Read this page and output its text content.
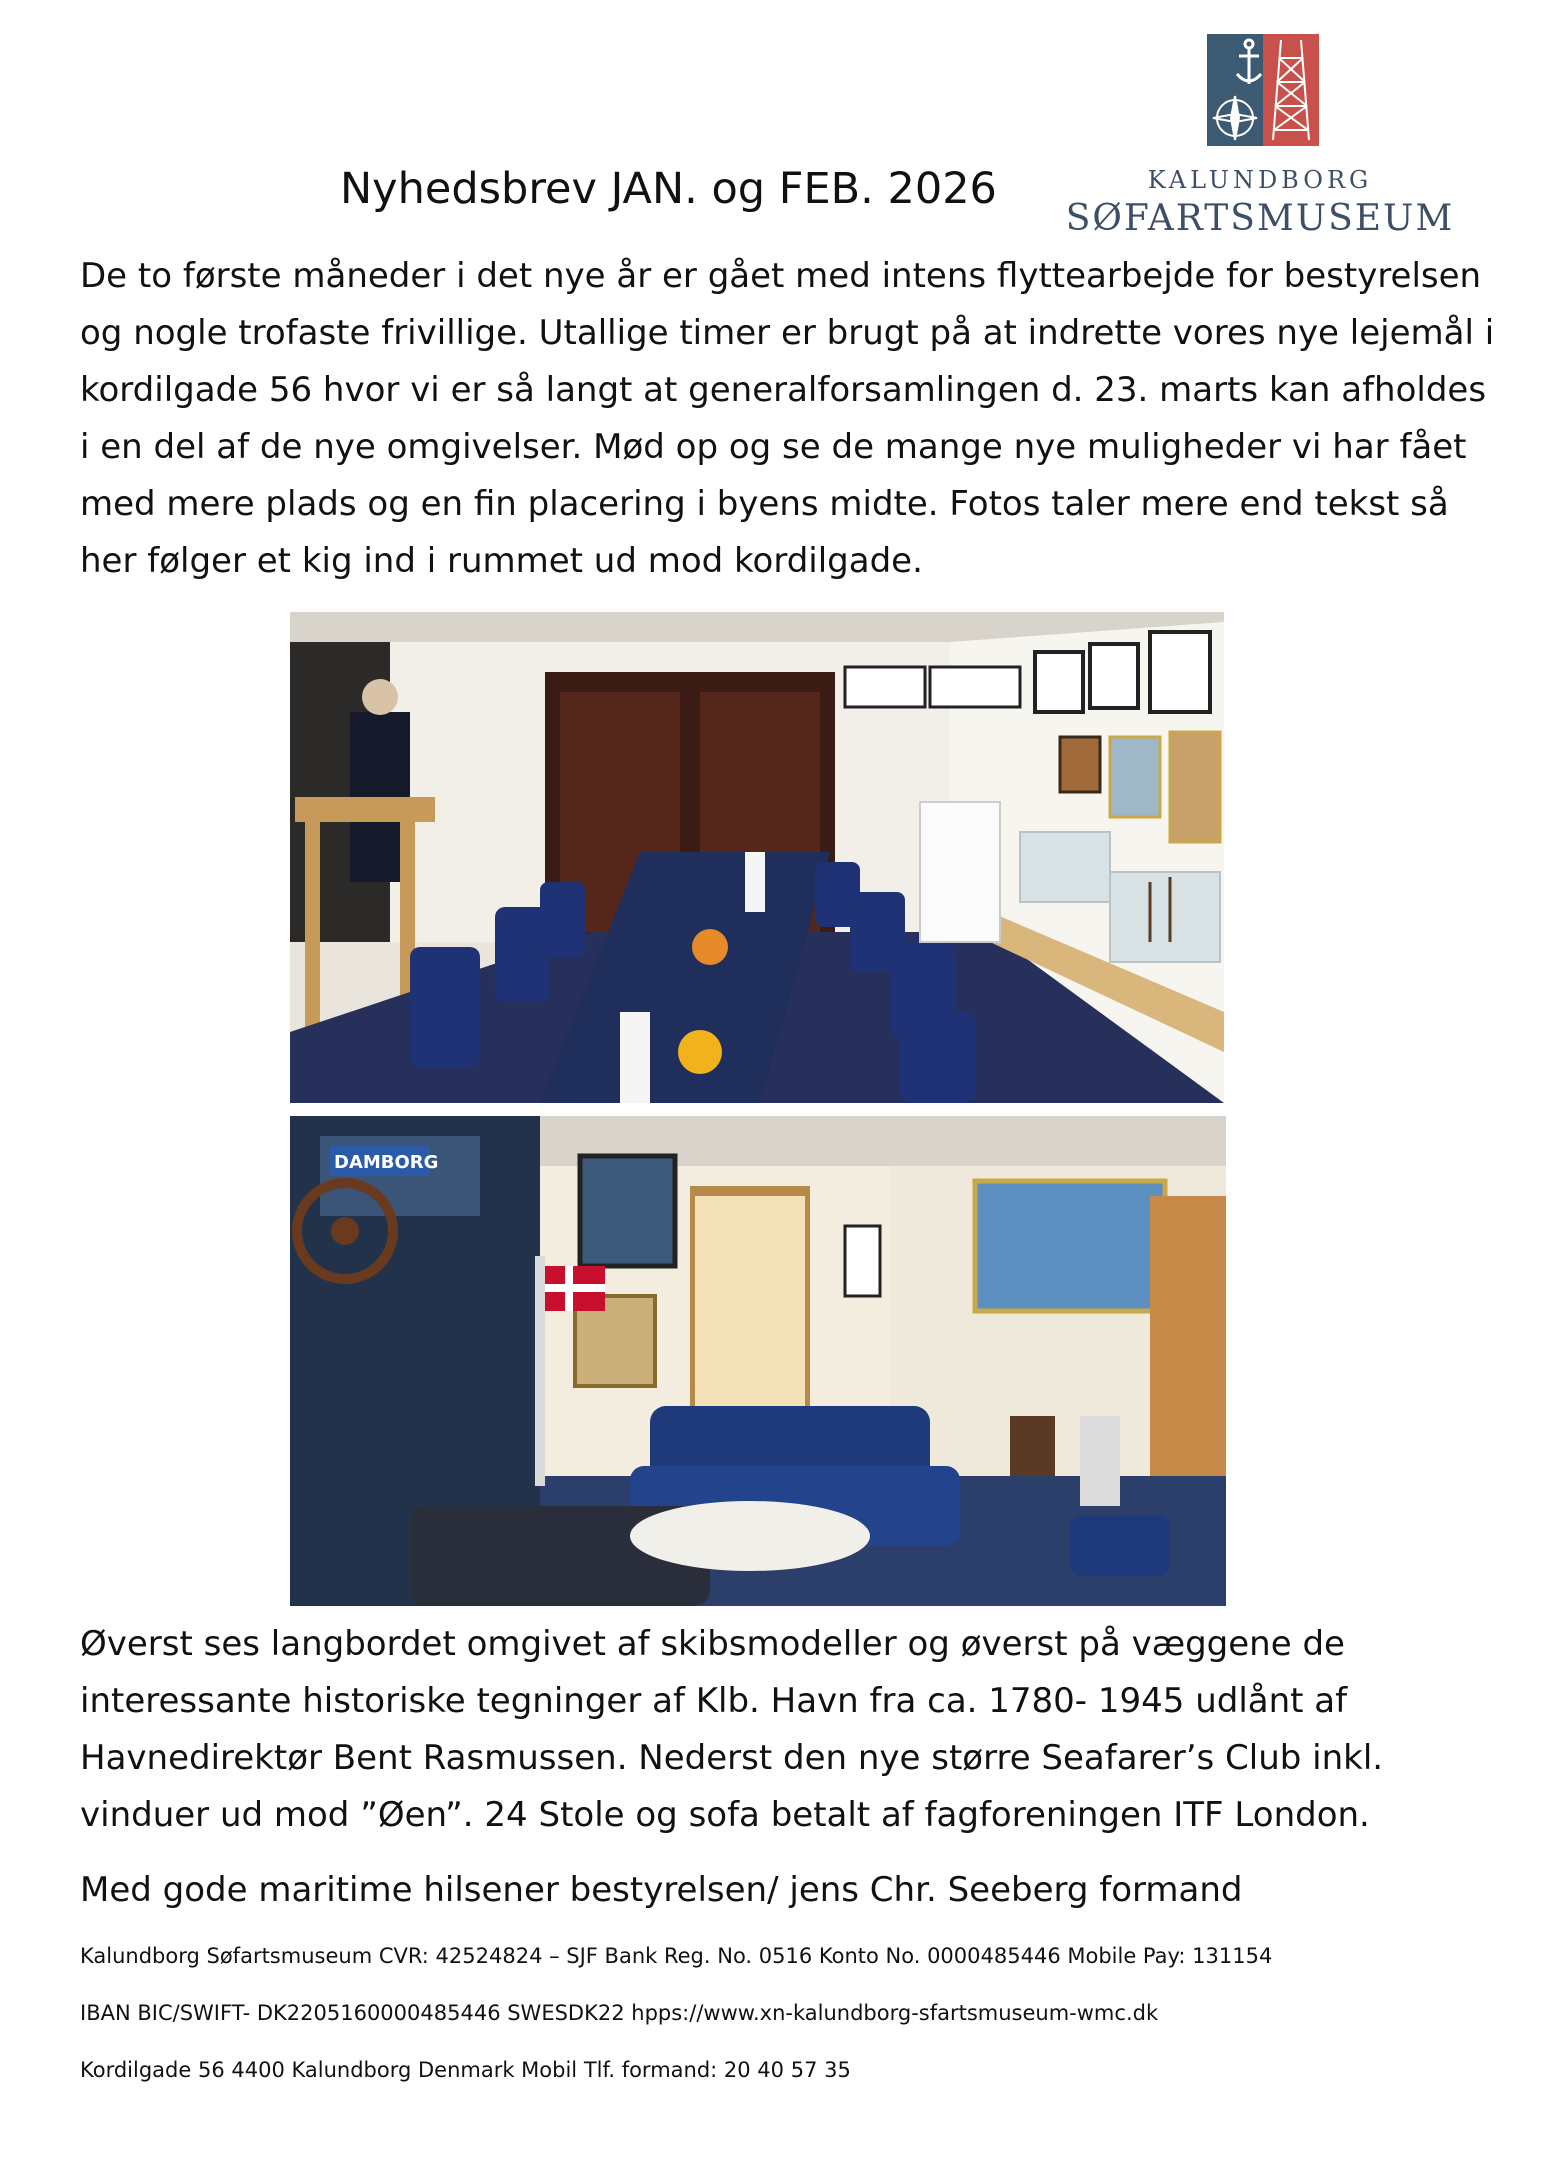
KALUNDBORG
SØFARTSMUSEUM
Nyhedsbrev JAN. og FEB. 2026

De to første måneder i det nye år er gået med intens flyttearbejde for bestyrelsen og nogle trofaste frivillige. Utallige timer er brugt på at indrette vores nye lejemål i kordilgade 56 hvor vi er så langt at generalforsamlingen d. 23. marts kan afholdes i en del af de nye omgivelser. Mød op og se de mange nye muligheder vi har fået med mere plads og en fin placering i byens midte. Fotos taler mere end tekst så her følger et kig ind i rummet ud mod kordilgade.

DAMBORG

Øverst ses langbordet omgivet af skibsmodeller og øverst på væggene de interessante historiske tegninger af Klb. Havn fra ca. 1780- 1945 udlånt af Havnedirektør Bent Rasmussen. Nederst den nye større Seafarer’s Club inkl. vinduer ud mod ”Øen”. 24 Stole og sofa betalt af fagforeningen ITF London.

Med gode maritime hilsener bestyrelsen/ jens Chr. Seeberg formand

Kalundborg Søfartsmuseum CVR: 42524824 – SJF Bank Reg. No. 0516 Konto No. 0000485446 Mobile Pay: 131154
IBAN BIC/SWIFT- DK2205160000485446 SWESDK22 hpps://www.xn-kalundborg-sfartsmuseum-wmc.dk
Kordilgade 56 4400 Kalundborg Denmark Mobil Tlf. formand: 20 40 57 35
